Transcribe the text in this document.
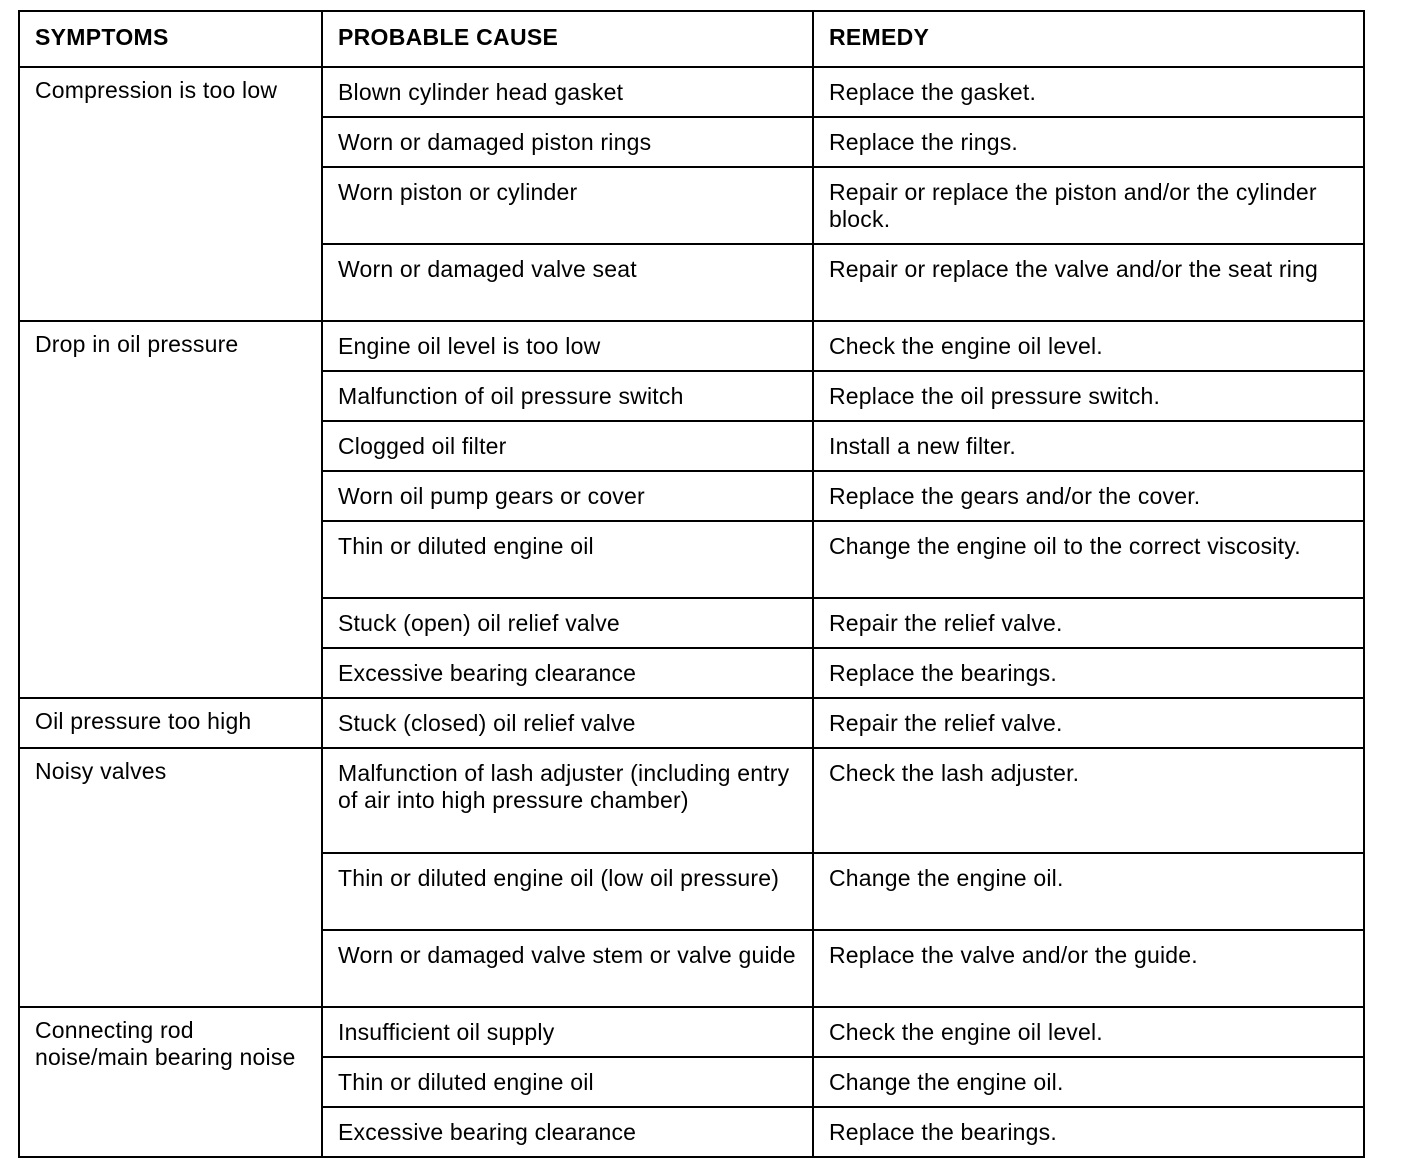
SYMPTOMS	PROBABLE CAUSE	REMEDY
Compression is too low	Blown cylinder head gasket	Replace the gasket.
	Worn or damaged piston rings	Replace the rings.
	Worn piston or cylinder	Repair or replace the piston and/or the cylinder block.
	Worn or damaged valve seat	Repair or replace the valve and/or the seat ring
Drop in oil pressure	Engine oil level is too low	Check the engine oil level.
	Malfunction of oil pressure switch	Replace the oil pressure switch.
	Clogged oil filter	Install a new filter.
	Worn oil pump gears or cover	Replace the gears and/or the cover.
	Thin or diluted engine oil	Change the engine oil to the correct viscosity.
	Stuck (open) oil relief valve	Repair the relief valve.
	Excessive bearing clearance	Replace the bearings.
Oil pressure too high	Stuck (closed) oil relief valve	Repair the relief valve.
Noisy valves	Malfunction of lash adjuster (including entry of air into high pressure chamber)	Check the lash adjuster.
	Thin or diluted engine oil (low oil pressure)	Change the engine oil.
	Worn or damaged valve stem or valve guide	Replace the valve and/or the guide.
Connecting rod noise/main bearing noise	Insufficient oil supply	Check the engine oil level.
	Thin or diluted engine oil	Change the engine oil.
	Excessive bearing clearance	Replace the bearings.
